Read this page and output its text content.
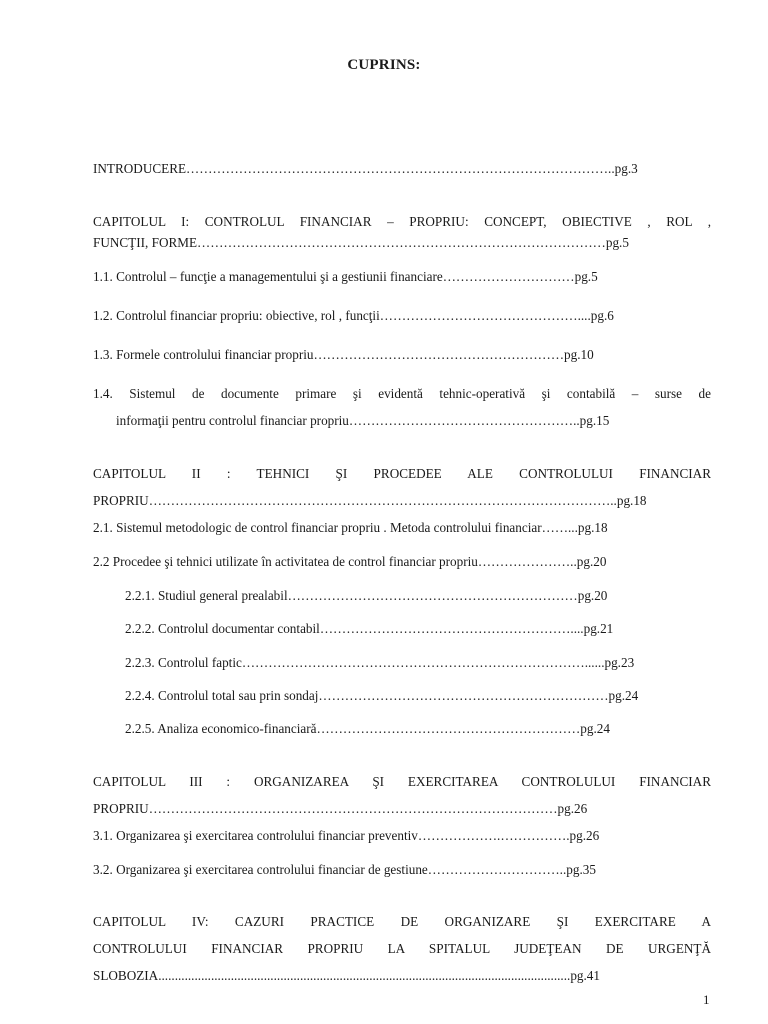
CUPRINS:
INTRODUCERE……………………………………………………………………………………..pg.3
CAPITOLUL I: CONTROLUL FINANCIAR – PROPRIU: CONCEPT, OBIECTIVE , ROL ,
FUNCŢII, FORME…………………………………………………………………………………pg.5
1.1. Controlul – funcţie a managementului şi a gestiunii financiare…………………………pg.5
1.2. Controlul financiar propriu: obiective, rol , funcţii………………………………………....pg.6
1.3. Formele controlului financiar propriu…………………………………………………pg.10
1.4. Sistemul de documente primare şi evidentă tehnic-operativă şi contabilă – surse de
informaţii pentru controlul financiar propriu……………………………………………..pg.15
CAPITOLUL II : TEHNICI ŞI PROCEDEE ALE CONTROLULUI FINANCIAR
PROPRIU……………………………………………………………………………………………..pg.18
2.1. Sistemul metodologic de control financiar propriu . Metoda controlului financiar……...pg.18
2.2 Procedee şi tehnici utilizate în activitatea de control financiar propriu…………………..pg.20
2.2.1. Studiul general prealabil…………………………………………………………pg.20
2.2.2. Controlul documentar contabil…………………………………………………....pg.21
2.2.3. Controlul faptic……………………………………………………………………......pg.23
2.2.4. Controlul total sau prin sondaj…………………………………………………………pg.24
2.2.5. Analiza economico-financiară……………………………………………………pg.24
CAPITOLUL III : ORGANIZAREA ŞI EXERCITAREA CONTROLULUI FINANCIAR
PROPRIU…………………………………………………………………………………pg.26
3.1. Organizarea şi exercitarea controlului financiar preventiv……………….…………….pg.26
3.2. Organizarea şi exercitarea controlului financiar de gestiune…………………………..pg.35
CAPITOLUL IV: CAZURI PRACTICE DE ORGANIZARE ŞI EXERCITARE A
CONTROLULUI FINANCIAR PROPRIU LA SPITALUL JUDEŢEAN DE URGENŢĂ
SLOBOZIA.............................................................................................................................pg.41
1
